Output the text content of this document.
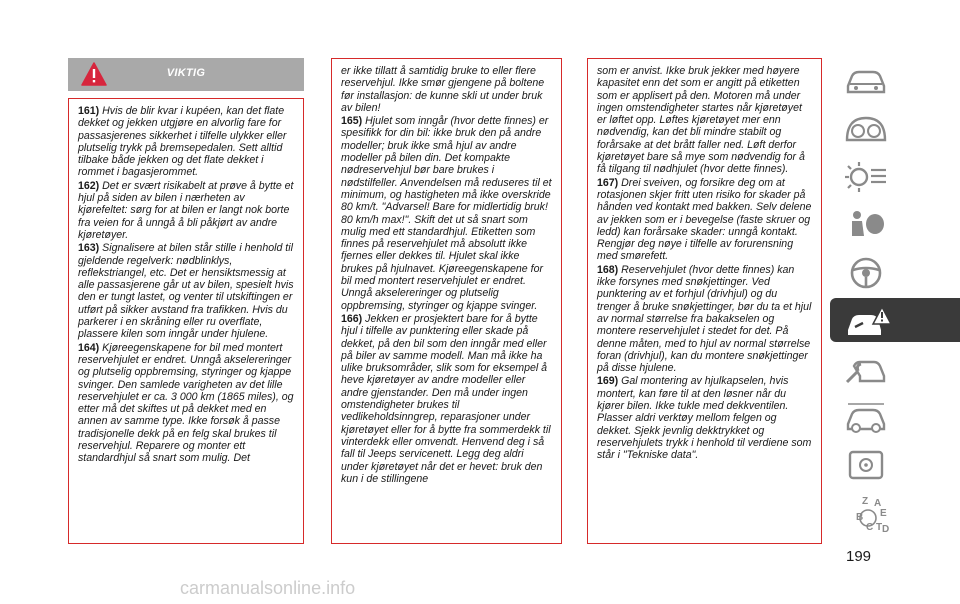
VIKTIG

161) Hvis de blir kvar i kupéen, kan det flate dekket og jekken utgjøre en alvorlig fare for passasjerenes sikkerhet i tilfelle ulykker eller plutselig trykk på bremsepedalen. Sett alltid tilbake både jekken og det flate dekket i rommet i bagasjerommet.

162) Det er svært risikabelt at prøve å bytte et hjul på siden av bilen i nærheten av kjørefeltet: sørg for at bilen er langt nok borte fra veien for å unngå å bli påkjørt av andre kjøretøyer.

163) Signalisere at bilen står stille i henhold til gjeldende regelverk: nødblinklys, reflekstriangel, etc. Det er hensiktsmessig at alle passasjerene går ut av bilen, spesielt hvis den er tungt lastet, og venter til utskiftingen er utført på sikker avstand fra trafikken. Hvis du parkerer i en skråning eller ru overflate, plassere kilen som inngår under hjulene.

164) Kjøreegenskapene for bil med montert reservehjulet er endret. Unngå akselereringer og plutselig oppbremsing, styringer og kjappe svinger. Den samlede varigheten av det lille reservehjulet er ca. 3 000 km (1865 miles), og etter må det skiftes ut på dekket med en annen av samme type. Ikke forsøk å passe tradisjonelle dekk på en felg skal brukes til reservehjul. Reparere og monter ett standardhjul så snart som mulig. Det

er ikke tillatt å samtidig bruke to eller flere reservehjul. Ikke smør gjengene på boltene før installasjon: de kunne skli ut under bruk av bilen!

165) Hjulet som inngår (hvor dette finnes) er spesifikk for din bil: ikke bruk den på andre modeller; bruk ikke små hjul av andre modeller på bilen din. Det kompakte nødreservehjul bør bare brukes i nødstilfeller. Anvendelsen må reduseres til et minimum, og hastigheten må ikke overskride 80 km/t. "Advarsel! Bare for midlertidig bruk! 80 km/h max!". Skift det ut så snart som mulig med ett standardhjul. Etiketten som finnes på reservehjulet må absolutt ikke fjernes eller dekkes til. Hjulet skal ikke brukes på hjulnavet. Kjøreegenskapene for bil med montert reservehjulet er endret. Unngå akselereringer og plutselig oppbremsing, styringer og kjappe svinger.

166) Jekken er prosjektert bare for å bytte hjul i tilfelle av punktering eller skade på dekket, på den bil som den inngår med eller på biler av samme modell. Man må ikke ha ulike bruksområder, slik som for eksempel å heve kjøretøyer av andre modeller eller andre gjenstander. Den må under ingen omstendigheter brukes til vedlikeholdsinngrep, reparasjoner under kjøretøyet eller for å bytte fra sommerdekk til vinterdekk eller omvendt. Henvend deg i så fall til Jeeps servicenett. Legg deg aldri under kjøretøyet når det er hevet: bruk den kun i de stillingene

som er anvist. Ikke bruk jekker med høyere kapasitet enn det som er angitt på etiketten som er applisert på den. Motoren må under ingen omstendigheter startes når kjøretøyet er løftet opp. Løftes kjøretøyet mer enn nødvendig, kan det bli mindre stabilt og forårsake at det brått faller ned. Løft derfor kjøretøyet bare så mye som nødvendig for å få tilgang til nødhjulet (hvor dette finnes).

167) Drei sveiven, og forsikre deg om at rotasjonen skjer fritt uten risiko for skader på hånden ved kontakt med bakken. Selv delene av jekken som er i bevegelse (faste skruer og ledd) kan forårsake skader: unngå kontakt. Rengjør deg nøye i tilfelle av forurensning med smørefett.

168) Reservehjulet (hvor dette finnes) kan ikke forsynes med snøkjettinger. Ved punktering av et forhjul (drivhjul) og du trenger å bruke snøkjettinger, bør du ta et hjul av normal størrelse fra bakakselen og montere reservehjulet i stedet for det. På denne måten, med to hjul av normal størrelse foran (drivhjul), kan du montere snøkjettinger på disse hjulene.

169) Gal montering av hjulkapselen, hvis montert, kan føre til at den løsner når du kjører bilen. Ikke tukle med dekkventilen. Plasser aldri verktøy mellom felgen og dekket. Sjekk jevnlig dekktrykket og reservehjulets trykk i henhold til verdiene som står i "Tekniske data".

Z A
E
B
C T D
199
carmanualsonline.info
